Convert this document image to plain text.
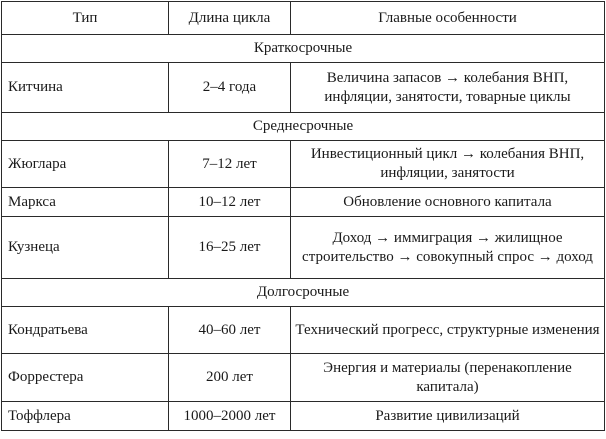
Тип	Длина цикла	Главные особенности
Краткосрочные		
Китчина	2–4 года	Величина запасов → колебания ВНП, инфляции, занятости, товарные циклы
Среднесрочные		
Жюглара	7–12 лет	Инвестиционный цикл → колебания ВНП, инфляции, занятости
Маркса	10–12 лет	Обновление основного капитала
Кузнеца	16–25 лет	Доход → иммиграция → жилищное строительство → совокупный спрос → доход
Долгосрочные		
Кондратьева	40–60 лет	Технический прогресс, структурные изменения
Форрестера	200 лет	Энергия и материалы (перенакопление капитала)
Тоффлера	1000–2000 лет	Развитие цивилизаций
